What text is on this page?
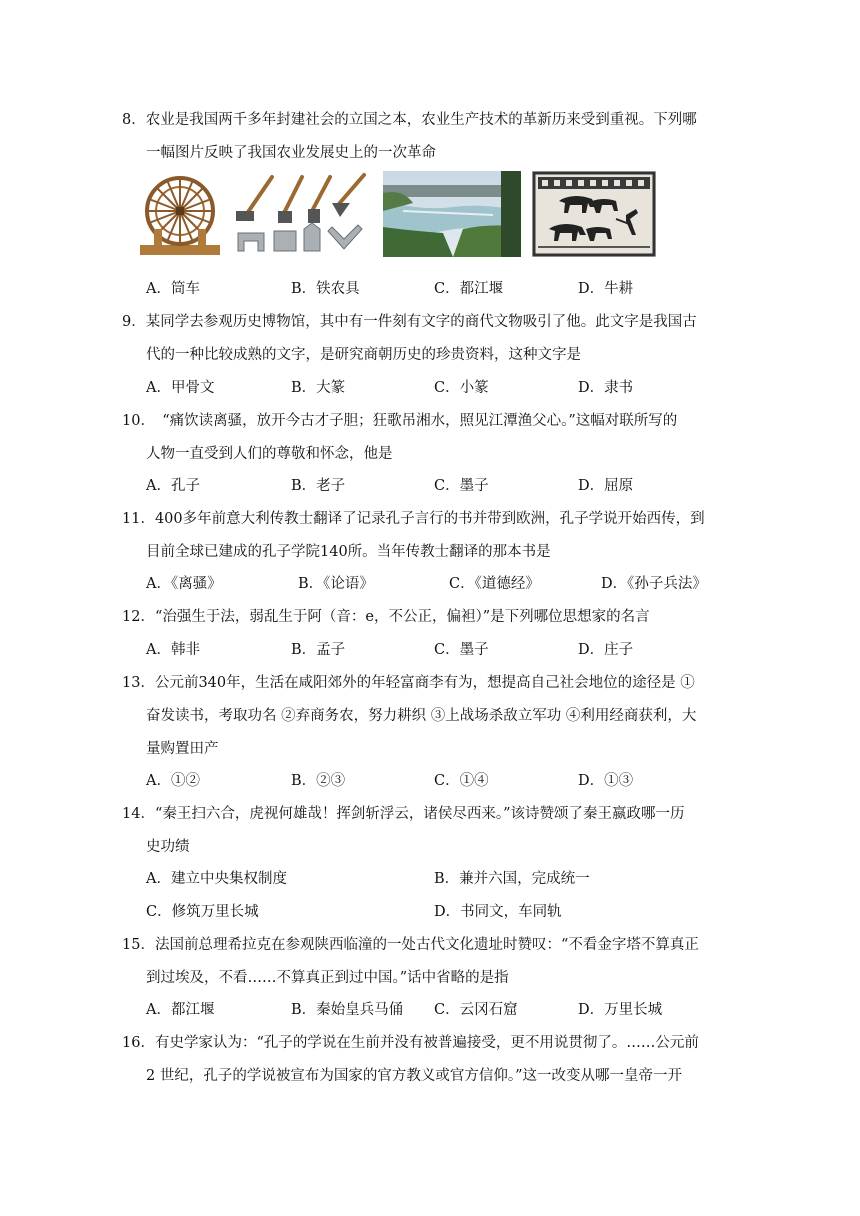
8．农业是我国两千多年封建社会的立国之本，农业生产技术的革新历来受到重视。下列哪
一幅图片反映了我国农业发展史上的一次革命
A．筒车	B．铁农具	C．都江堰	D．牛耕
9．某同学去参观历史博物馆，其中有一件刻有文字的商代文物吸引了他。此文字是我国古
代的一种比较成熟的文字，是研究商朝历史的珍贵资料，这种文字是
A．甲骨文	B．大篆	C．小篆	D．隶书
10．　“痛饮读离骚，放开今古才子胆；狂歌吊湘水，照见江潭渔父心。”这幅对联所写的
人物一直受到人们的尊敬和怀念，他是
A．孔子	B．老子	C．墨子	D．屈原
11．400多年前意大利传教士翻译了记录孔子言行的书并带到欧洲，孔子学说开始西传，到
目前全球已建成的孔子学院140所。当年传教士翻译的那本书是
A．《离骚》	B．《论语》	C．《道德经》	D．《孙子兵法》
12．“治强生于法，弱乱生于阿（音：e，不公正，偏袒）”是下列哪位思想家的名言
A．韩非	B．孟子	C．墨子	D．庄子
13．公元前340年，生活在咸阳郊外的年轻富商李有为，想提高自己社会地位的途径是 ①
奋发读书，考取功名 ②弃商务农，努力耕织 ③上战场杀敌立军功 ④利用经商获利，大
量购置田产
A．①②	B．②③	C．①④	D．①③
14．“秦王扫六合，虎视何雄哉！挥剑斩浮云，诸侯尽西来。”该诗赞颂了秦王嬴政哪一历
史功绩
A．建立中央集权制度	B．兼并六国，完成统一
C．修筑万里长城	D．书同文，车同轨
15．法国前总理希拉克在参观陕西临潼的一处古代文化遗址时赞叹：“不看金字塔不算真正
到过埃及，不看……不算真正到过中国。”话中省略的是指
A．都江堰	B．秦始皇兵马俑 C．云冈石窟	D．万里长城
16．有史学家认为：“孔子的学说在生前并没有被普遍接受，更不用说贯彻了。……公元前
2 世纪，孔子的学说被宣布为国家的官方教义或官方信仰。”这一改变从哪一皇帝一开
